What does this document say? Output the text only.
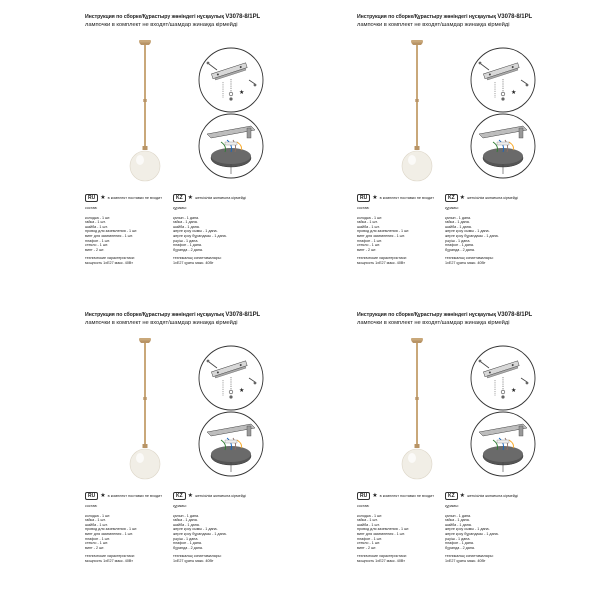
Инструкция по сборке/Құрастыру жөніндегі нұсқаулық V3078-8/1PL
лампочки в комплект не входят/шамдар жинаққа кірмейді
★
RU ★ в комплект поставки не входит	KZ ★ жеткізілім жинағына кірмейді
состав:
колодка - 1 шт.
гайка - 1 шт.
шайба - 1 шт.
провод для заземления - 1 шт.
винт для заземления - 1 шт.
плафон - 1 шт.
стекло - 1 шт.
винт - 2 шт.
технические характеристики:
мощность 1хE27 макс. 40Вт
құрамы:
қалып - 1 дана.
гайка - 1 дана.
шайба - 1 дана.
жерге қосу сымы - 1 дана.
жерге қосу бұрандасы - 1 дана.
рәуіш - 1 дана.
плафон - 1 дана.
бұранда - 2 дана.
техникалық сипаттамалары:
1хЕ27 қуаты макс. 40Вт
Инструкция по сборке/Құрастыру жөніндегі нұсқаулық V3078-8/1PL
лампочки в комплект не входят/шамдар жинаққа кірмейді
★
RU ★ в комплект поставки не входит	KZ ★ жеткізілім жинағына кірмейді
состав:
колодка - 1 шт.
гайка - 1 шт.
шайба - 1 шт.
провод для заземления - 1 шт.
винт для заземления - 1 шт.
плафон - 1 шт.
стекло - 1 шт.
винт - 2 шт.
технические характеристики:
мощность 1хE27 макс. 40Вт
құрамы:
қалып - 1 дана.
гайка - 1 дана.
шайба - 1 дана.
жерге қосу сымы - 1 дана.
жерге қосу бұрандасы - 1 дана.
рәуіш - 1 дана.
плафон - 1 дана.
бұранда - 2 дана.
техникалық сипаттамалары:
1хЕ27 қуаты макс. 40Вт
Инструкция по сборке/Құрастыру жөніндегі нұсқаулық V3078-8/1PL
лампочки в комплект не входят/шамдар жинаққа кірмейді
★
RU ★ в комплект поставки не входит	KZ ★ жеткізілім жинағына кірмейді
состав:
колодка - 1 шт.
гайка - 1 шт.
шайба - 1 шт.
провод для заземления - 1 шт.
винт для заземления - 1 шт.
плафон - 1 шт.
стекло - 1 шт.
винт - 2 шт.
технические характеристики:
мощность 1хE27 макс. 40Вт
құрамы:
қалып - 1 дана.
гайка - 1 дана.
шайба - 1 дана.
жерге қосу сымы - 1 дана.
жерге қосу бұрандасы - 1 дана.
рәуіш - 1 дана.
плафон - 1 дана.
бұранда - 2 дана.
техникалық сипаттамалары:
1хЕ27 қуаты макс. 40Вт
Инструкция по сборке/Құрастыру жөніндегі нұсқаулық V3078-8/1PL
лампочки в комплект не входят/шамдар жинаққа кірмейді
★
RU ★ в комплект поставки не входит	KZ ★ жеткізілім жинағына кірмейді
состав:
колодка - 1 шт.
гайка - 1 шт.
шайба - 1 шт.
провод для заземления - 1 шт.
винт для заземления - 1 шт.
плафон - 1 шт.
стекло - 1 шт.
винт - 2 шт.
технические характеристики:
мощность 1хE27 макс. 40Вт
құрамы:
қалып - 1 дана.
гайка - 1 дана.
шайба - 1 дана.
жерге қосу сымы - 1 дана.
жерге қосу бұрандасы - 1 дана.
рәуіш - 1 дана.
плафон - 1 дана.
бұранда - 2 дана.
техникалық сипаттамалары:
1хЕ27 қуаты макс. 40Вт
